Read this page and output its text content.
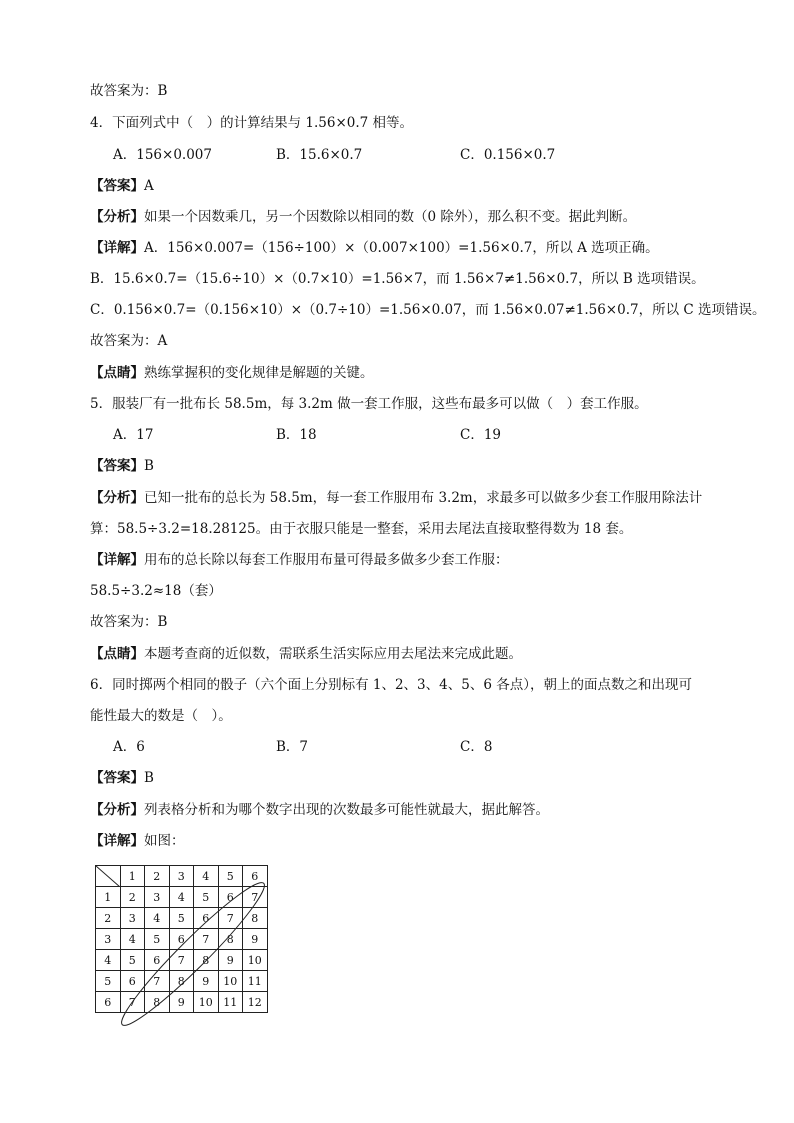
故答案为：B
4．下面列式中（　）的计算结果与 1.56×0.7 相等。
A．156×0.007	B．15.6×0.7	C．0.156×0.7
【答案】A
【分析】如果一个因数乘几，另一个因数除以相同的数（0 除外），那么积不变。据此判断。
【详解】A．156×0.007=（156÷100）×（0.007×100）=1.56×0.7，所以 A 选项正确。
B．15.6×0.7=（15.6÷10）×（0.7×10）=1.56×7，而 1.56×7≠1.56×0.7，所以 B 选项错误。
C．0.156×0.7=（0.156×10）×（0.7÷10）=1.56×0.07，而 1.56×0.07≠1.56×0.7，所以 C 选项错误。
故答案为：A
【点睛】熟练掌握积的变化规律是解题的关键。
5．服装厂有一批布长 58.5m，每 3.2m 做一套工作服，这些布最多可以做（　）套工作服。
A．17	B．18	C．19
【答案】B
【分析】已知一批布的总长为 58.5m，每一套工作服用布 3.2m，求最多可以做多少套工作服用除法计
算：58.5÷3.2=18.28125。由于衣服只能是一整套，采用去尾法直接取整得数为 18 套。
【详解】用布的总长除以每套工作服用布量可得最多做多少套工作服：
58.5÷3.2≈18（套）
故答案为：B
【点睛】本题考查商的近似数，需联系生活实际应用去尾法来完成此题。
6．同时掷两个相同的骰子（六个面上分别标有 1、2、3、4、5、6 各点），朝上的面点数之和出现可
能性最大的数是（　）。
A．6	B．7	C．8
【答案】B
【分析】列表格分析和为哪个数字出现的次数最多可能性就最大，据此解答。
【详解】如图：
	1	2	3	4	5	6
1	2	3	4	5	6	7
2	3	4	5	6	7	8
3	4	5	6	7	8	9
4	5	6	7	8	9	10
5	6	7	8	9	10	11
6	7	8	9	10	11	12
